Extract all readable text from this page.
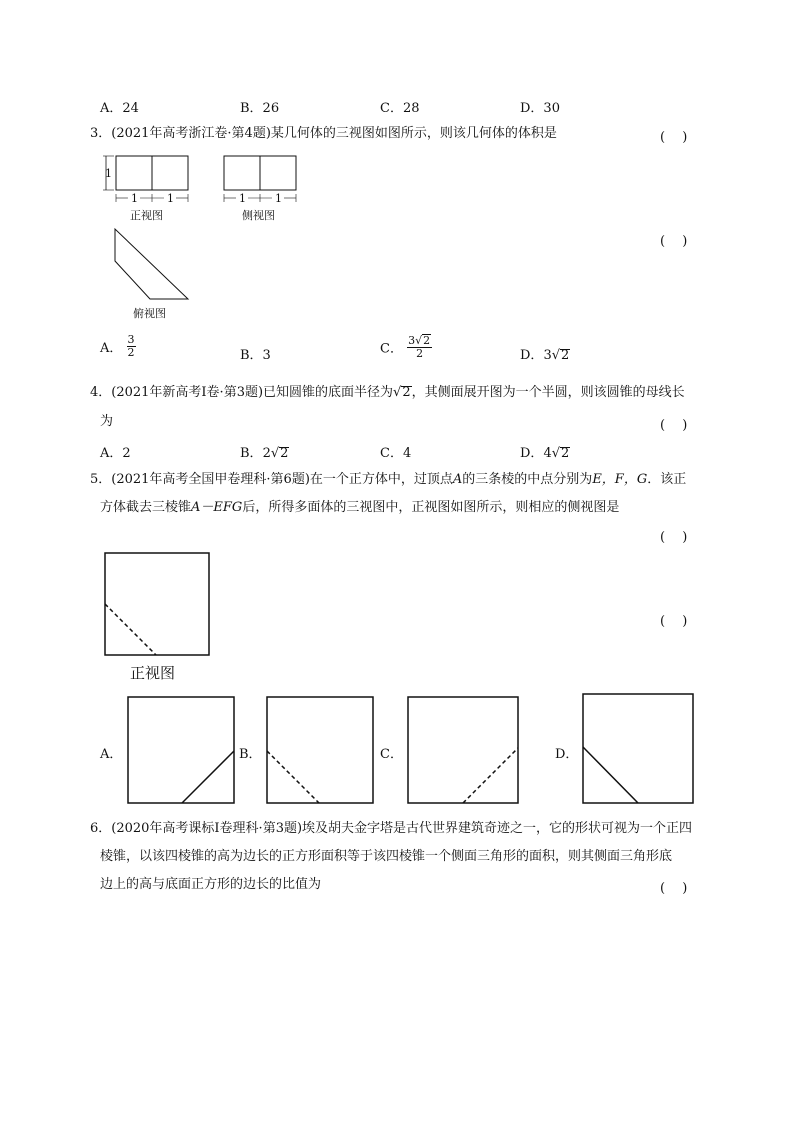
A．24	B．26	C．28	D．30
3．(2021年高考浙江卷·第4题)某几何体的三视图如图所示，则该几何体的体积是	(　 )
1
1	1	1	1
正视图	侧视图
(　 )
俯视图
A． $\frac{3}{2}$	B．3	C． $\frac{3√2}{2}$	D．3√2
4．(2021年新高考Ⅰ卷·第3题)已知圆锥的底面半径为√2，其侧面展开图为一个半圆，则该圆锥的母线长
为	(　 )
A．2	B．2√2	C．4	D．4√2
5．(2021年高考全国甲卷理科·第6题)在一个正方体中，过顶点A的三条棱的中点分别为E，F，G．该正
方体截去三棱锥A－EFG后，所得多面体的三视图中，正视图如图所示，则相应的侧视图是
(　 )
(　 )
正视图
A．	B．	C．	D．
6．(2020年高考课标Ⅰ卷理科·第3题)埃及胡夫金字塔是古代世界建筑奇迹之一，它的形状可视为一个正四
棱锥，以该四棱锥的高为边长的正方形面积等于该四棱锥一个侧面三角形的面积，则其侧面三角形底
边上的高与底面正方形的边长的比值为	(　 )
